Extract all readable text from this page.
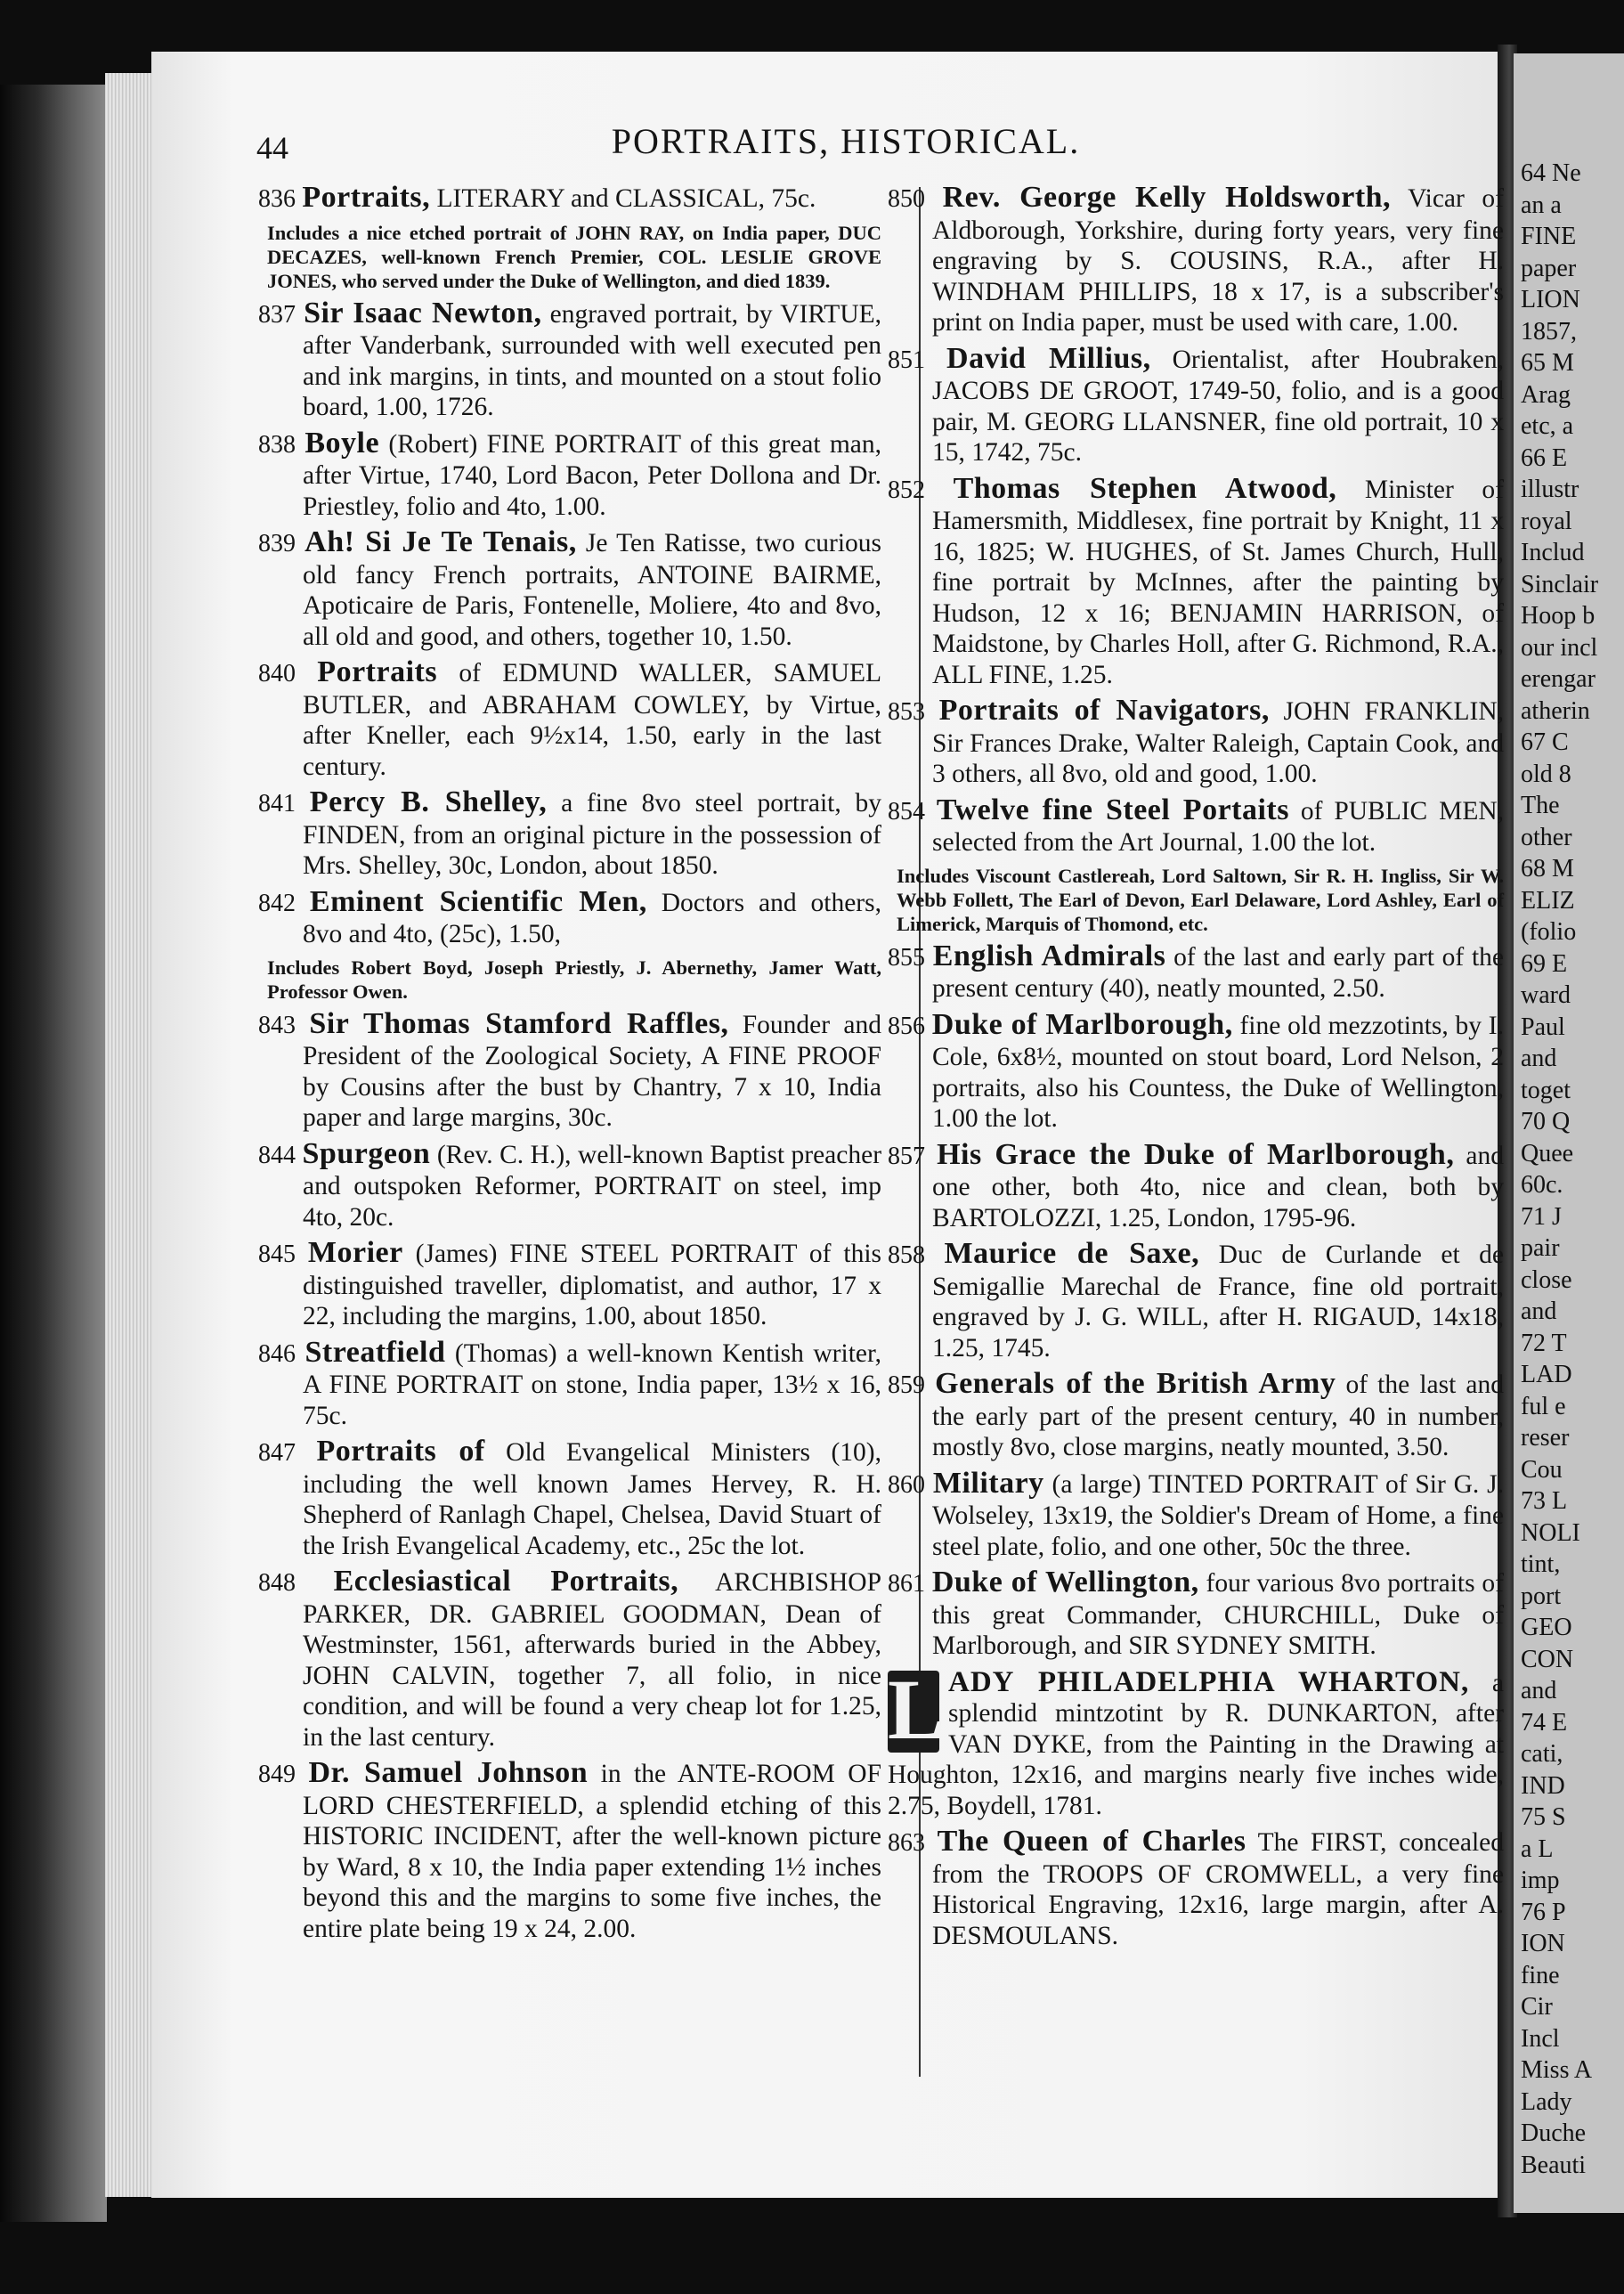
64 Ne
an a
FINE
paper
LION
1857,
65 M
Arag
etc, a
66 E
illustr
royal
Includ
Sinclair
Hoop b
our incl
erengar
atherin
67 C
old 8
The
other
68 M
ELIZ
(folio
69 E
ward
Paul
and
toget
70 Q
Quee
60c.
71 J
pair
close
and
72 T
LAD
ful e
reser
Cou
73 L
NOLI
tint,
port
GEO
CON
and
74 E
cati,
IND
75 S
a L
imp
76 P
ION
fine
Cir
Incl
Miss A
Lady
Duche
Beauti
44	PORTRAITS, HISTORICAL.
836 Portraits, LITERARY and CLASSICAL, 75c.
Includes a nice etched portrait of JOHN RAY, on India paper, DUC DECAZES, well-known French Premier, COL. LESLIE GROVE JONES, who served under the Duke of Wellington, and died 1839.
837 Sir Isaac Newton, engraved portrait, by VIRTUE, after Vanderbank, surrounded with well executed pen and ink margins, in tints, and mounted on a stout folio board, 1.00, 1726.
838 Boyle (Robert) FINE PORTRAIT of this great man, after Virtue, 1740, Lord Bacon, Peter Dollona and Dr. Priestley, folio and 4to, 1.00.
839 Ah! Si Je Te Tenais, Je Ten Ratisse, two curious old fancy French portraits, ANTOINE BAIRME, Apoticaire de Paris, Fontenelle, Moliere, 4to and 8vo, all old and good, and others, together 10, 1.50.
840 Portraits of EDMUND WALLER, SAMUEL BUTLER, and ABRAHAM COWLEY, by Virtue, after Kneller, each 9½x14, 1.50, early in the last century.
841 Percy B. Shelley, a fine 8vo steel portrait, by FINDEN, from an original picture in the possession of Mrs. Shelley, 30c, London, about 1850.
842 Eminent Scientific Men, Doctors and others, 8vo and 4to, (25c), 1.50,
Includes Robert Boyd, Joseph Priestly, J. Abernethy, Jamer Watt, Professor Owen.
843 Sir Thomas Stamford Raffles, Founder and President of the Zoological Society, A FINE PROOF by Cousins after the bust by Chantry, 7 x 10, India paper and large margins, 30c.
844 Spurgeon (Rev. C. H.), well-known Baptist preacher and outspoken Reformer, PORTRAIT on steel, imp 4to, 20c.
845 Morier (James) FINE STEEL PORTRAIT of this distinguished traveller, diplomatist, and author, 17 x 22, including the margins, 1.00, about 1850.
846 Streatfield (Thomas) a well-known Kentish writer, A FINE PORTRAIT on stone, India paper, 13½ x 16, 75c.
847 Portraits of Old Evangelical Ministers (10), including the well known James Hervey, R. H. Shepherd of Ranlagh Chapel, Chelsea, David Stuart of the Irish Evangelical Academy, etc., 25c the lot.
848 Ecclesiastical Portraits, ARCHBISHOP PARKER, DR. GABRIEL GOODMAN, Dean of Westminster, 1561, afterwards buried in the Abbey, JOHN CALVIN, together 7, all folio, in nice condition, and will be found a very cheap lot for 1.25, in the last century.
849 Dr. Samuel Johnson in the ANTE-ROOM OF LORD CHESTERFIELD, a splendid etching of this HISTORIC INCIDENT, after the well-known picture by Ward, 8 x 10, the India paper extending 1½ inches beyond this and the margins to some five inches, the entire plate being 19 x 24, 2.00.
850 Rev. George Kelly Holdsworth, Vicar of Aldborough, Yorkshire, during forty years, very fine engraving by S. COUSINS, R.A., after H. WINDHAM PHILLIPS, 18 x 17, is a subscriber's print on India paper, must be used with care, 1.00.
851 David Millius, Orientalist, after Houbraken, JACOBS DE GROOT, 1749-50, folio, and is a good pair, M. GEORG LLANSNER, fine old portrait, 10 x 15, 1742, 75c.
852 Thomas Stephen Atwood, Minister of Hamersmith, Middlesex, fine portrait by Knight, 11 x 16, 1825; W. HUGHES, of St. James Church, Hull, fine portrait by McInnes, after the painting by Hudson, 12 x 16; BENJAMIN HARRISON, of Maidstone, by Charles Holl, after G. Richmond, R.A., ALL FINE, 1.25.
853 Portraits of Navigators, JOHN FRANKLIN, Sir Frances Drake, Walter Raleigh, Captain Cook, and 3 others, all 8vo, old and good, 1.00.
854 Twelve fine Steel Portaits of PUBLIC MEN, selected from the Art Journal, 1.00 the lot.
Includes Viscount Castlereah, Lord Saltown, Sir R. H. Ingliss, Sir W. Webb Follett, The Earl of Devon, Earl Delaware, Lord Ashley, Earl of Limerick, Marquis of Thomond, etc.
855 English Admirals of the last and early part of the present century (40), neatly mounted, 2.50.
856 Duke of Marlborough, fine old mezzotints, by I. Cole, 6x8½, mounted on stout board, Lord Nelson, 2 portraits, also his Countess, the Duke of Wellington, 1.00 the lot.
857 His Grace the Duke of Marlborough, and one other, both 4to, nice and clean, both by BARTOLOZZI, 1.25, London, 1795-96.
858 Maurice de Saxe, Duc de Curlande et de Semigallie Marechal de France, fine old portrait, engraved by J. G. WILL, after H. RIGAUD, 14x18, 1.25, 1745.
859 Generals of the British Army of the last and the early part of the present century, 40 in number, mostly 8vo, close margins, neatly mounted, 3.50.
860 Military (a large) TINTED PORTRAIT of Sir G. J. Wolseley, 13x19, the Soldier's Dream of Home, a fine steel plate, folio, and one other, 50c the three.
861 Duke of Wellington, four various 8vo portraits of this great Commander, CHURCHILL, Duke of Marlborough, and SIR SYDNEY SMITH.
L ADY PHILADELPHIA WHARTON, a splendid mintzotint by R. DUNKARTON, after VAN DYKE, from the Painting in the Drawing at Houghton, 12x16, and margins nearly five inches wide, 2.75, Boydell, 1781.
863 The Queen of Charles The FIRST, concealed from the TROOPS OF CROMWELL, a very fine Historical Engraving, 12x16, large margin, after A. DESMOULANS.
